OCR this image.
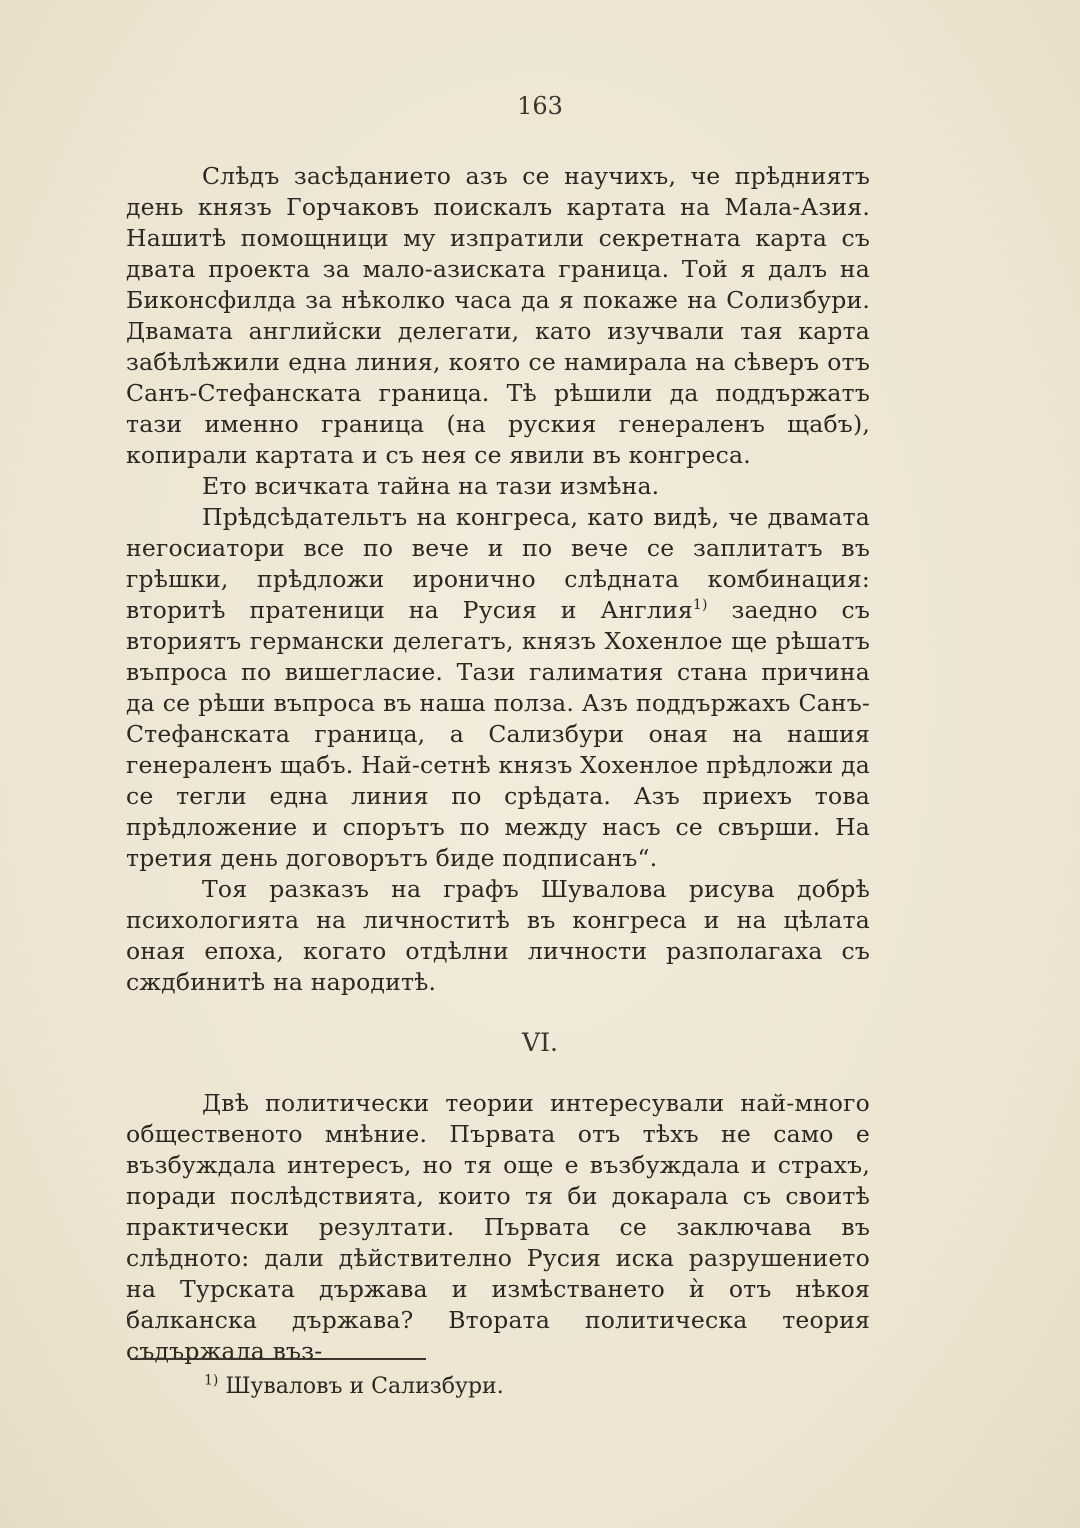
163

Слѣдъ засѣданието азъ се научихъ, че прѣдниятъ день князъ Горчаковъ поискалъ картата на Мала-Азия. Нашитѣ помощници му изпратили секретната карта съ двата проекта за мало-азиската граница. Той я далъ на Биконсфилда за нѣколко часа да я покаже на Солизбури. Двамата английски делегати, като изучвали тая карта забѣлѣжили една линия, която се намирала на сѣверъ отъ Санъ-Стефанската граница. Тѣ рѣшили да поддържатъ тази именно граница (на руския генераленъ щабъ), копирали картата и съ нея се явили въ конгреса.

Ето всичката тайна на тази измѣна.

Прѣдсѣдательтъ на конгреса, като видѣ, че двамата негосиатори все по вече и по вече се заплитатъ въ грѣшки, прѣдложи иронично слѣдната комбинация: вторитѣ пратеници на Русия и Англия$^{1)}$ заедно съ вториятъ германски делегатъ, князъ Хохенлое ще рѣшатъ въпроса по вишегласие. Тази галиматия стана причина да се рѣши въпроса въ наша полза. Азъ поддържахъ Санъ-Стефанската граница, а Сализбури оная на нашия генераленъ щабъ. Най-сетнѣ князъ Хохенлое прѣдложи да се тегли една линия по срѣдата. Азъ приехъ това прѣдложение и спорътъ по между насъ се свърши. На третия день договорътъ биде подписанъ“.

Тоя разказъ на графъ Шувалова рисува добрѣ психологията на личноститѣ въ конгреса и на цѣлата оная епоха, когато отдѣлни личности разполагаха съ сждбинитѣ на народитѣ.

VI.

Двѣ политически теории интересували най-много общественото мнѣние. Първата отъ тѣхъ не само е възбуждала интересъ, но тя още е възбуждала и страхъ, поради послѣдствията, които тя би докарала съ своитѣ практически резултати. Първата се заключава въ слѣдното: дали дѣйствително Русия иска разрушението на Турската държава и измѣстването ѝ отъ нѣкоя балканска държава? Втората политическа теория съдържала въз-

$^{1)}$ Шуваловъ и Сализбури.
